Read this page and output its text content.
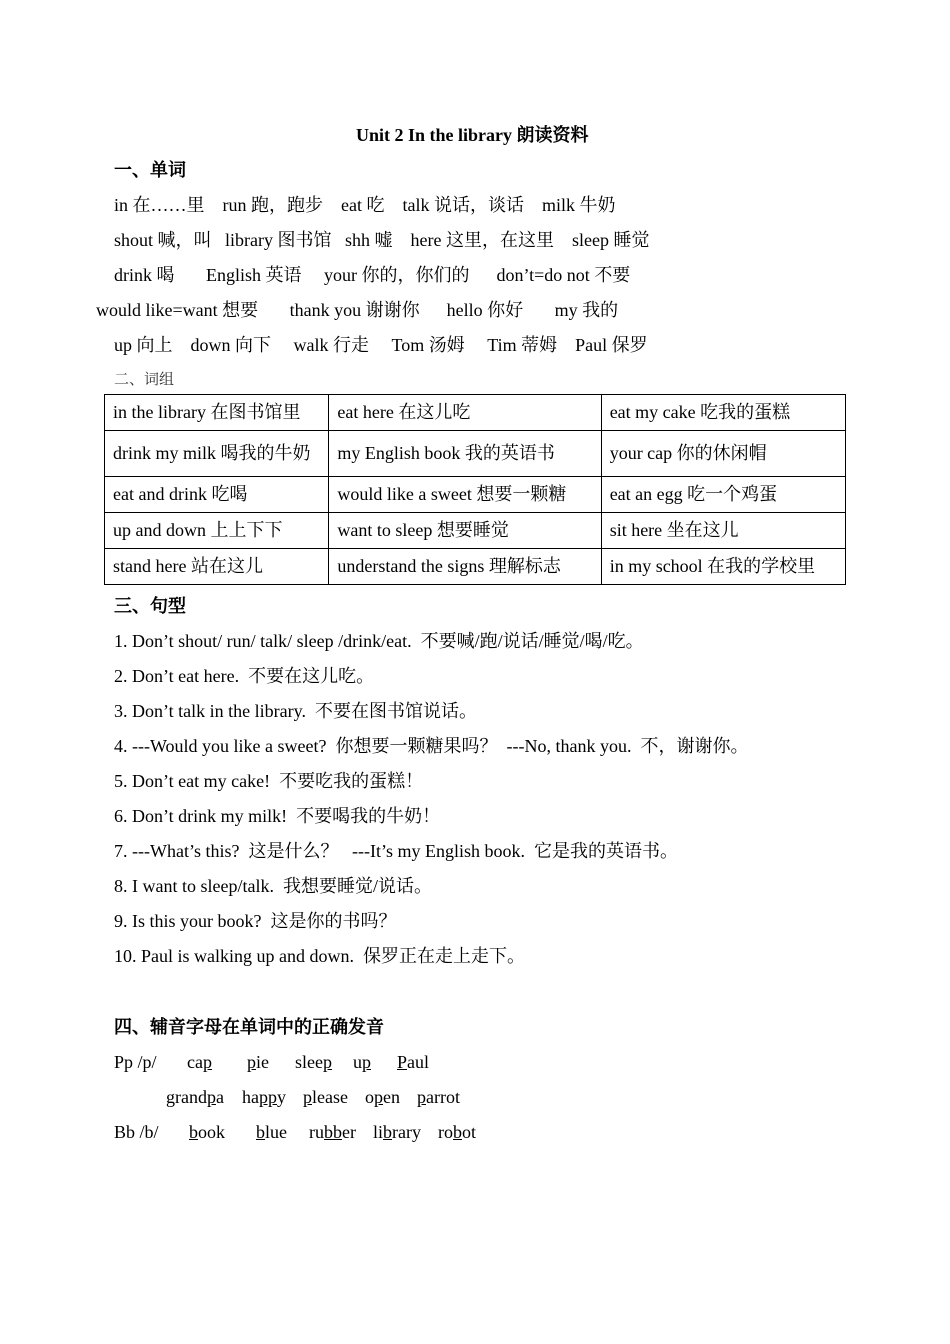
Unit 2 In the library 朗读资料
一、单词
in 在……里    run 跑，跑步    eat 吃    talk 说话，谈话    milk 牛奶
shout 喊，叫   library 图书馆   shh 嘘    here 这里，在这里    sleep 睡觉
drink 喝       English 英语     your 你的，你们的      don’t=do not 不要
would like=want 想要       thank you 谢谢你      hello 你好       my 我的
up 向上    down 向下     walk 行走     Tom 汤姆     Tim 蒂姆    Paul 保罗
二、词组
in the library 在图书馆里	eat here 在这儿吃	eat my cake 吃我的蛋糕

drink my milk 喝我的牛奶	my English book 我的英语书	your cap 你的休闲帽
eat and drink 吃喝	would like a sweet 想要一颗糖	eat an egg 吃一个鸡蛋
up and down 上上下下	want to sleep 想要睡觉	sit here 坐在这儿
stand here 站在这儿	understand the signs 理解标志	in my school 在我的学校里
三、句型
1. Don’t shout/ run/ talk/ sleep /drink/eat.  不要喊/跑/说话/睡觉/喝/吃。
2. Don’t eat here.  不要在这儿吃。
3. Don’t talk in the library.  不要在图书馆说话。
4. ---Would you like a sweet?  你想要一颗糖果吗？  ---No, thank you.  不，谢谢你。
5. Don’t eat my cake!  不要吃我的蛋糕！
6. Don’t drink my milk!  不要喝我的牛奶！
7. ---What’s this?  这是什么？   ---It’s my English book.  它是我的英语书。
8. I want to sleep/talk.  我想要睡觉/说话。
9. Is this your book?  这是你的书吗？
10. Paul is walking up and down.  保罗正在走上走下。
四、辅音字母在单词中的正确发音
Pp /p/ cap pie sleep up Paul
grandpa happy please open parrot
Bb /b/ book blue rubber library robot
